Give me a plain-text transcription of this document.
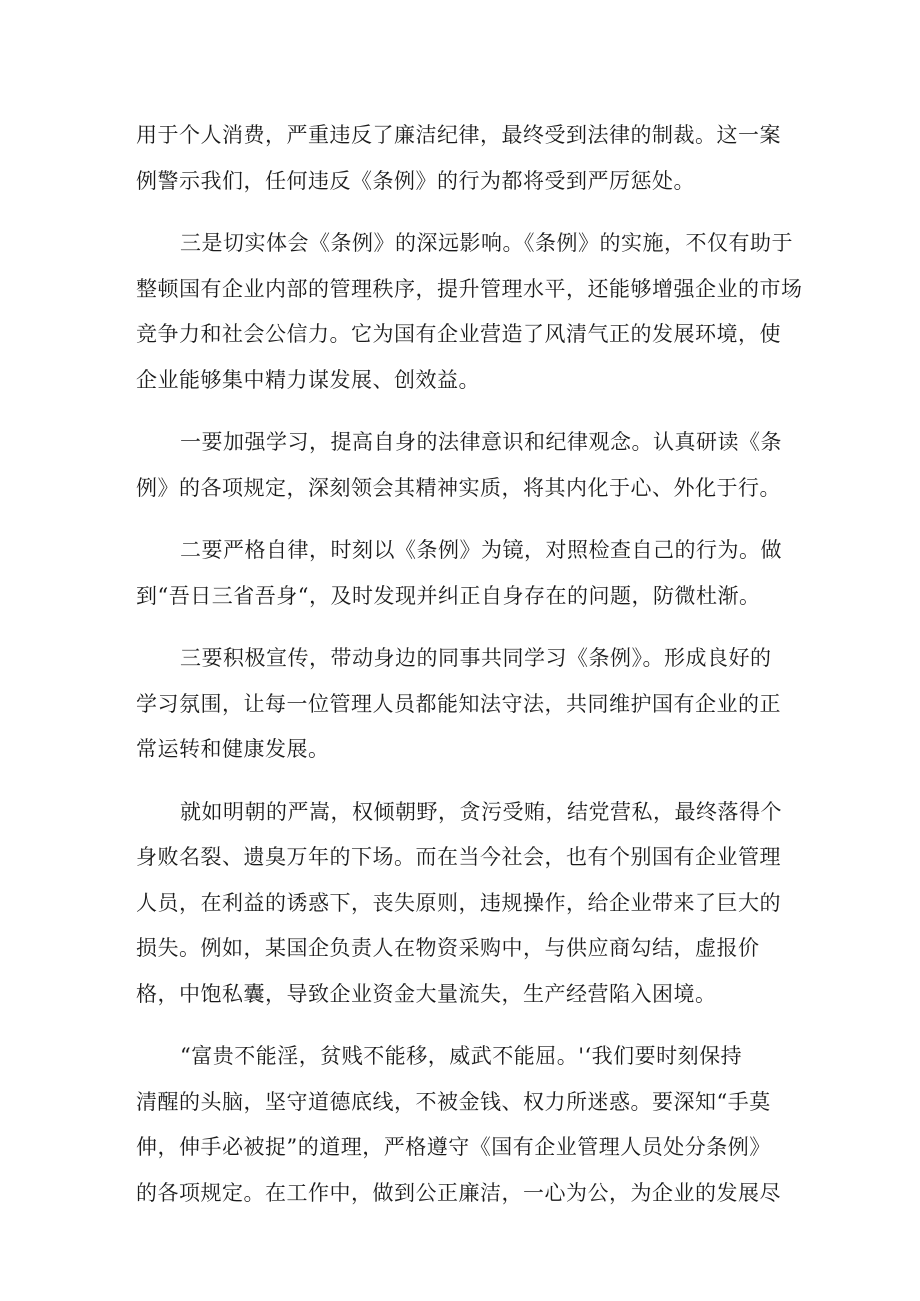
用于个人消费，严重违反了廉洁纪律，最终受到法律的制裁。这一案
例警示我们，任何违反《条例》的行为都将受到严厉惩处。

三是切实体会《条例》的深远影响。《条例》的实施，不仅有助于
整顿国有企业内部的管理秩序，提升管理水平，还能够增强企业的市场
竞争力和社会公信力。它为国有企业营造了风清气正的发展环境，使
企业能够集中精力谋发展、创效益。

一要加强学习，提高自身的法律意识和纪律观念。认真研读《条
例》的各项规定，深刻领会其精神实质，将其内化于心、外化于行。

二要严格自律，时刻以《条例》为镜，对照检查自己的行为。做
到“吾日三省吾身“，及时发现并纠正自身存在的问题，防微杜渐。

三要积极宣传，带动身边的同事共同学习《条例》。形成良好的
学习氛围，让每一位管理人员都能知法守法，共同维护国有企业的正
常运转和健康发展。

就如明朝的严嵩，权倾朝野，贪污受贿，结党营私，最终落得个
身败名裂、遗臭万年的下场。而在当今社会，也有个别国有企业管理
人员，在利益的诱惑下，丧失原则，违规操作，给企业带来了巨大的
损失。例如，某国企负责人在物资采购中，与供应商勾结，虚报价
格，中饱私囊，导致企业资金大量流失，生产经营陷入困境。

“富贵不能淫，贫贱不能移，威武不能屈。'‘我们要时刻保持
清醒的头脑，坚守道德底线，不被金钱、权力所迷惑。要深知“手莫
伸，伸手必被捉”的道理，严格遵守《国有企业管理人员处分条例》
的各项规定。在工作中，做到公正廉洁，一心为公，为企业的发展尽
